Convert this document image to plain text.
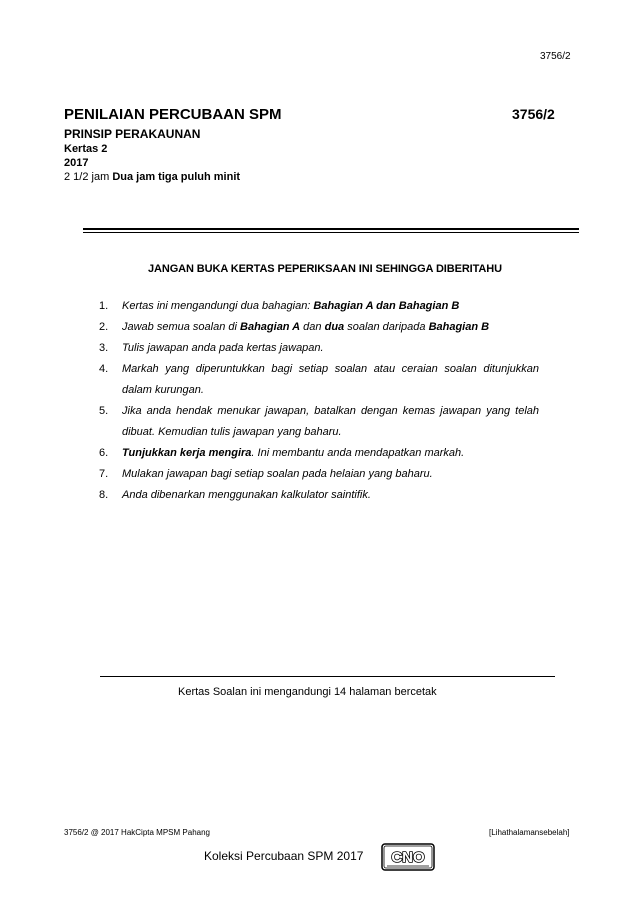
3756/2
PENILAIAN PERCUBAAN SPM	3756/2
PRINSIP PERAKAUNAN
Kertas 2
2017
2 1/2 jam Dua jam tiga puluh minit
JANGAN BUKA KERTAS PEPERIKSAAN INI SEHINGGA DIBERITAHU
1. Kertas ini mengandungi dua bahagian: Bahagian A dan Bahagian B
2. Jawab semua soalan di Bahagian A dan dua soalan daripada Bahagian B
3. Tulis jawapan anda pada kertas jawapan.
4. Markah yang diperuntukkan bagi setiap soalan atau ceraian soalan ditunjukkan dalam kurungan.
5. Jika anda hendak menukar jawapan, batalkan dengan kemas jawapan yang telah dibuat. Kemudian tulis jawapan yang baharu.
6. Tunjukkan kerja mengira. Ini membantu anda mendapatkan markah.
7. Mulakan jawapan bagi setiap soalan pada helaian yang baharu.
8. Anda dibenarkan menggunakan kalkulator saintifik.
Kertas Soalan ini mengandungi 14 halaman bercetak
3756/2 @ 2017 HakCipta MPSM Pahang	[Lihathalamansebelah]
Koleksi Percubaan SPM 2017 CNO
